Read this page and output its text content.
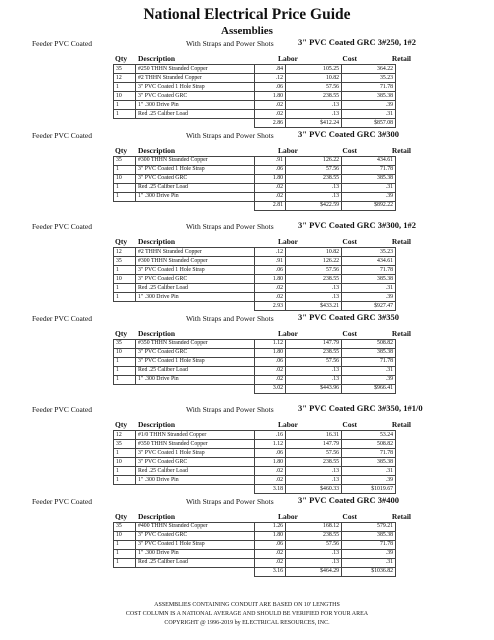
National Electrical Price Guide
Assemblies
Feeder PVC Coated	With Straps and Power Shots	3" PVC Coated GRC 3#250, 1#2
Qty Description	Labor	Cost	Retail
35	#250 THHN Stranded Copper	.84	105.25	364.22
12	#2 THHN Stranded Copper	.12	10.82	35.23
1	3" PVC Coated 1 Hole Strap	.06	57.56	71.78
10	3" PVC Coated GRC	1.80	238.55	385.38
1	1" .300 Drive Pin	.02	.13	.39
1	Red .25 Caliber Load	.02	.13	.31
		2.86	$412.24	$857.08
Feeder PVC Coated	With Straps and Power Shots	3" PVC Coated GRC 3#300
Qty Description	Labor	Cost	Retail
35	#300 THHN Stranded Copper	.91	126.22	434.61
1	3" PVC Coated 1 Hole Strap	.06	57.56	71.78
10	3" PVC Coated GRC	1.80	238.55	385.38
1	Red .25 Caliber Load	.02	.13	.31
1	1" .300 Drive Pin	.02	.13	.39
		2.81	$422.59	$892.22
Feeder PVC Coated	With Straps and Power Shots	3" PVC Coated GRC 3#300, 1#2
Qty Description	Labor	Cost	Retail
12	#2 THHN Stranded Copper	.12	10.82	35.23
35	#300 THHN Stranded Copper	.91	126.22	434.61
1	3" PVC Coated 1 Hole Strap	.06	57.56	71.78
10	3" PVC Coated GRC	1.80	238.55	385.38
1	Red .25 Caliber Load	.02	.13	.31
1	1" .300 Drive Pin	.02	.13	.39
		2.93	$433.21	$927.47
Feeder PVC Coated	With Straps and Power Shots	3" PVC Coated GRC 3#350
Qty Description	Labor	Cost	Retail
35	#350 THHN Stranded Copper	1.12	147.79	508.82
10	3" PVC Coated GRC	1.80	238.55	385.38
1	3" PVC Coated 1 Hole Strap	.06	57.56	71.78
1	Red .25 Caliber Load	.02	.13	.31
1	1" .300 Drive Pin	.02	.13	.39
		3.02	$443.96	$966.41
Feeder PVC Coated	With Straps and Power Shots	3" PVC Coated GRC 3#350, 1#1/0
Qty Description	Labor	Cost	Retail
12	#1/0 THHN Stranded Copper	.16	16.31	53.24
35	#350 THHN Stranded Copper	1.12	147.79	508.82
1	3" PVC Coated 1 Hole Strap	.06	57.56	71.78
10	3" PVC Coated GRC	1.80	238.55	385.38
1	Red .25 Caliber Load	.02	.13	.31
1	1" .300 Drive Pin	.02	.13	.39
		3.18	$460.33	$1019.67
Feeder PVC Coated	With Straps and Power Shots	3" PVC Coated GRC 3#400
Qty Description	Labor	Cost	Retail
35	#400 THHN Stranded Copper	1.26	168.12	579.21
10	3" PVC Coated GRC	1.80	238.55	385.38
1	3" PVC Coated 1 Hole Strap	.06	57.56	71.78
1	1" .300 Drive Pin	.02	.13	.39
1	Red .25 Caliber Load	.02	.13	.31
		3.16	$464.29	$1036.82
ASSEMBLIES CONTAINING CONDUIT ARE BASED ON 10' LENGTHS
COST COLUMN IS A NATIONAL AVERAGE AND SHOULD BE VERIFIED FOR YOUR AREA
COPYRIGHT @ 1996-2019 by ELECTRICAL RESOURCES, INC.
